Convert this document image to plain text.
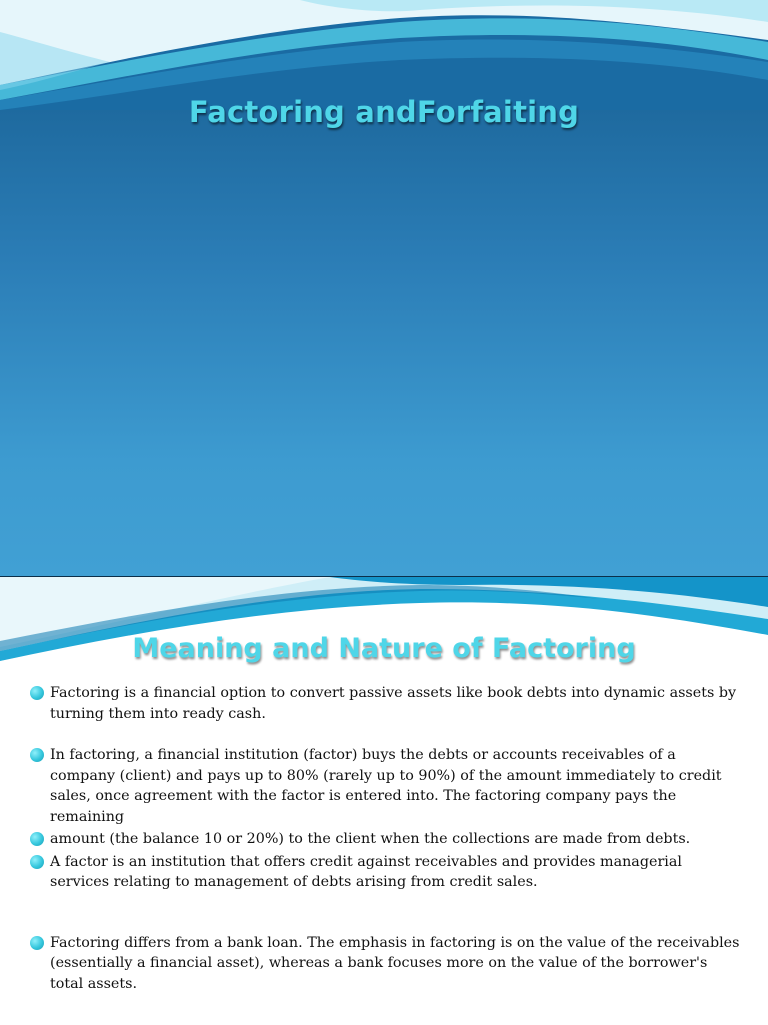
Factoring andForfaiting
Meaning and Nature of Factoring
Factoring is a financial option to convert passive assets like book debts into dynamic assets by turning them into ready cash.
In factoring, a financial institution (factor) buys the debts or accounts receivables of a company (client) and pays up to 80% (rarely up to 90%) of the amount immediately to credit sales, once agreement with the factor is entered into. The factoring company pays the remaining
amount (the balance 10 or 20%) to the client when the collections are made from debts.
A factor is an institution that offers credit against receivables and provides managerial services relating to management of debts arising from credit sales.
Factoring differs from a bank loan. The emphasis in factoring is on the value of the receivables (essentially a financial asset), whereas a bank focuses more on the value of the borrower's total assets.
